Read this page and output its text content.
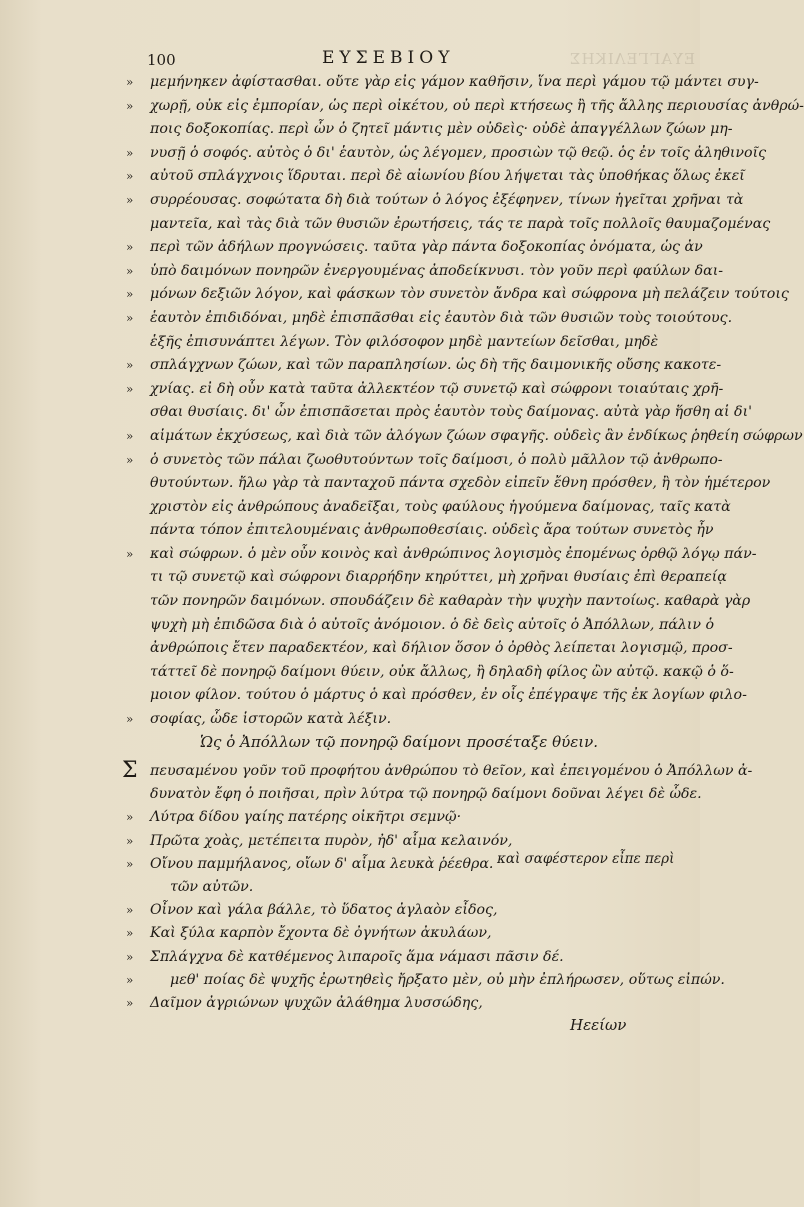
ΕΥΑΓΓΕΛΙΚΗΣ
100	ΕΥΣΕΒΙΟΥ
» μεμήνηκεν ἀφίστασθαι. οὔτε γὰρ εἰς γάμον καθῆσιν, ἵνα περὶ γάμου τῷ μάντει συγ-
» χωρῇ, οὐκ εἰς ἐμπορίαν, ὡς περὶ οἰκέτου, οὐ περὶ κτήσεως ἢ τῆς ἄλλης περιουσίας ἀνθρώ-
ποις δοξοκοπίας. περὶ ὧν ὁ ζητεῖ μάντις μὲν οὐδεὶς· οὐδὲ ἀπαγγέλλων ζώων μη-
» νυσῇ ὁ σοφός. αὐτὸς ὁ δι' ἑαυτὸν, ὡς λέγομεν, προσιὼν τῷ θεῷ. ὁς ἐν τοῖς ἀληθινοῖς
» αὐτοῦ σπλάγχνοις ἵδρυται. περὶ δὲ αἰωνίου βίου λήψεται τὰς ὑποθήκας ὅλως ἐκεῖ
» συρρέουσας. σοφώτατα δὴ διὰ τούτων ὁ λόγος ἐξέφηνεν, τίνων ἡγεῖται χρῆναι τὰ
μαντεῖα, καὶ τὰς διὰ τῶν θυσιῶν ἐρωτήσεις, τάς τε παρὰ τοῖς πολλοῖς θαυμαζομένας
» περὶ τῶν ἀδήλων προγνώσεις. ταῦτα γὰρ πάντα δοξοκοπίας ὀνόματα, ὡς ἀν
» ὑπὸ δαιμόνων πονηρῶν ἐνεργουμένας ἀποδείκνυσι. τὸν γοῦν περὶ φαύλων δαι-
» μόνων δεξιῶν λόγον, καὶ φάσκων τὸν συνετὸν ἄνδρα καὶ σώφρονα μὴ πελάζειν τούτοις
» ἑαυτὸν ἐπιδιδόναι, μηδὲ ἐπισπᾶσθαι εἰς ἑαυτὸν διὰ τῶν θυσιῶν τοὺς τοιούτους.
ἑξῆς ἐπισυνάπτει λέγων. Τὸν φιλόσοφον μηδὲ μαντείων δεῖσθαι, μηδὲ
» σπλάγχνων ζώων, καὶ τῶν παραπλησίων. ὡς δὴ τῆς δαιμονικῆς οὔσης κακοτε-
» χνίας. εἰ δὴ οὖν κατὰ ταῦτα ἀλλεκτέον τῷ συνετῷ καὶ σώφρονι τοιαύταις χρῆ-
σθαι θυσίαις. δι' ὧν ἐπισπᾶσεται πρὸς ἑαυτὸν τοὺς δαίμονας. αὐτὰ γὰρ ἥσθη αἱ δι'
» αἱμάτων ἐκχύσεως, καὶ διὰ τῶν ἀλόγων ζώων σφαγῆς. οὐδεὶς ἂν ἐνδίκως ῥηθείη σώφρων
» ὁ συνετὸς τῶν πάλαι ζωοθυτούντων τοῖς δαίμοσι, ὁ πολὺ μᾶλλον τῷ ἀνθρωπο-
θυτούντων. ἤλω γὰρ τὰ πανταχοῦ πάντα σχεδὸν εἰπεῖν ἔθνη πρόσθεν, ἢ τὸν ἡμέτερον
χριστὸν εἰς ἀνθρώπους ἀναδεῖξαι, τοὺς φαύλους ἡγούμενα δαίμονας, ταῖς κατὰ
πάντα τόπον ἐπιτελουμέναις ἀνθρωποθεσίαις. οὐδεὶς ἄρα τούτων συνετὸς ἦν
» καὶ σώφρων. ὁ μὲν οὖν κοινὸς καὶ ἀνθρώπινος λογισμὸς ἐπομένως ὀρθῷ λόγῳ πάν-
τι τῷ συνετῷ καὶ σώφρονι διαρρήδην κηρύττει, μὴ χρῆναι θυσίαις ἐπὶ θεραπείᾳ
τῶν πονηρῶν δαιμόνων. σπουδάζειν δὲ καθαρὰν τὴν ψυχὴν παντοίως. καθαρὰ γὰρ
ψυχὴ μὴ ἐπιδῶσα διὰ ὁ αὐτοῖς ἀνόμοιον. ὁ δὲ δεὶς αὐτοῖς ὁ Ἀπόλλων, πάλιν ὁ
ἀνθρώποις ἔτεν παραδεκτέον, καὶ δήλιον ὅσον ὁ ὀρθὸς λείπεται λογισμῷ, προσ-
τάττεῖ δὲ πονηρῷ δαίμονι θύειν, οὐκ ἄλλως, ἢ δηλαδὴ φίλος ὢν αὐτῷ. κακῷ ὁ ὅ-
μοιον φίλον. τούτου ὁ μάρτυς ὁ καὶ πρόσθεν, ἐν οἷς ἐπέγραψε τῆς ἐκ λογίων φιλο-
» σοφίας, ὧδε ἱστορῶν κατὰ λέξιν.
Ὡς ὁ Ἀπόλλων τῷ πονηρῷ δαίμονι προσέταξε θύειν.
Σ πευσαμένου γοῦν τοῦ προφήτου ἀνθρώπου τὸ θεῖον, καὶ ἐπειγομένου ὁ Ἀπόλλων ἀ-
δυνατὸν ἔφη ὁ ποιῆσαι, πρὶν λύτρα τῷ πονηρῷ δαίμονι δοῦναι λέγει δὲ ὧδε.
» Λύτρα δίδου γαίης πατέρης οἰκῆτρι σεμνῷ·
» Πρῶτα χοὰς, μετέπειτα πυρὸν, ἠδ' αἷμα κελαινόν,
» Οἴνου παμμήλανος, οἴων δ' αἷμα λευκὰ ῥέεθρα.
τῶν αὐτῶν.
» Οἶνον καὶ γάλα βάλλε, τὸ ὕδατος ἀγλαὸν εἶδος,
» Καὶ ξύλα καρπὸν ἔχοντα δὲ ὀγνήτων ἀκυλάων,
» Σπλάγχνα δὲ κατθέμενος λιπαροῖς ἅμα νάμασι πᾶσιν δέ.
»	μεθ' ποίας δὲ ψυχῆς ἐρωτηθεὶς ἤρξατο μὲν, οὐ μὴν ἐπλήρωσεν, οὕτως εἰπών.
» Δαῖμον ἀγριώνων ψυχῶν ἀλάθημα λυσσώδης,
καὶ σαφέστερον εἶπε περὶ
Ηεείων
